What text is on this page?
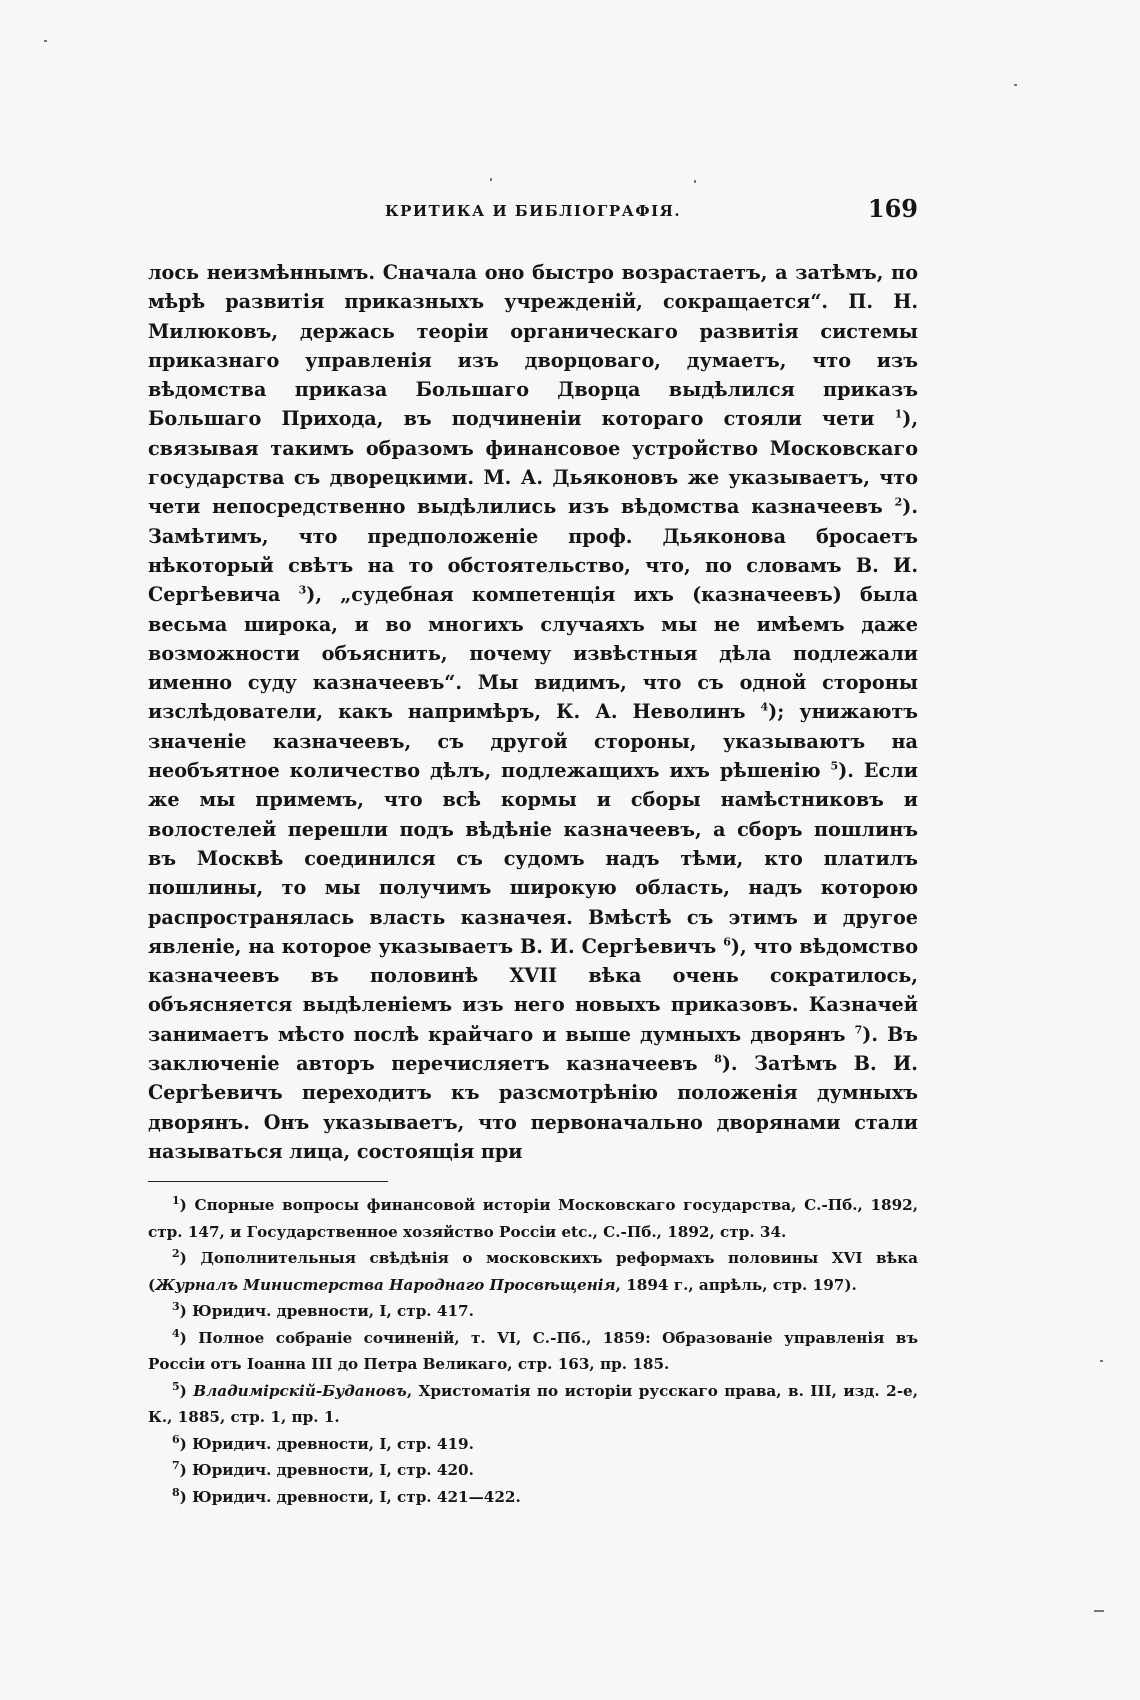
КРИТИКА И БИБЛIОГРАФIЯ.	169

лось неизмѣннымъ. Сначала оно быстро возрастаетъ, а затѣмъ, по мѣрѣ развитія приказныхъ учрежденій, сокращается“. П. Н. Милюковъ, держась теоріи органическаго развитія системы приказнаго управленія изъ дворцоваго, думаетъ, что изъ вѣдомства приказа Большаго Дворца выдѣлился приказъ Большаго Прихода, въ подчиненіи котораго стояли чети $^1$), связывая такимъ образомъ финансовое устройство Московскаго государства съ дворецкими. М. А. Дьяконовъ же указываетъ, что чети непосредственно выдѣлились изъ вѣдомства казначеевъ $^2$). Замѣтимъ, что предположеніе проф. Дьяконова бросаетъ нѣкоторый свѣтъ на то обстоятельство, что, по словамъ В. И. Сергѣевича $^3$), „судебная компетенція ихъ (казначеевъ) была весьма широка, и во многихъ случаяхъ мы не имѣемъ даже возможности объяснить, почему извѣстныя дѣла подлежали именно суду казначеевъ“. Мы видимъ, что съ одной стороны изслѣдователи, какъ напримѣръ, К. А. Неволинъ $^4$); унижаютъ значеніе казначеевъ, съ другой стороны, указываютъ на необъятное количество дѣлъ, подлежащихъ ихъ рѣшенію $^5$). Если же мы примемъ, что всѣ кормы и сборы намѣстниковъ и волостелей перешли подъ вѣдѣніе казначеевъ, а сборъ пошлинъ въ Москвѣ соединился съ судомъ надъ тѣми, кто платилъ пошлины, то мы получимъ широкую область, надъ которою распространялась власть казначея. Вмѣстѣ съ этимъ и другое явленіе, на которое указываетъ В. И. Сергѣевичъ $^6$), что вѣдомство казначеевъ въ половинѣ XVII вѣка очень сократилось, объясняется выдѣленіемъ изъ него новыхъ приказовъ. Казначей занимаетъ мѣсто послѣ крайчаго и выше думныхъ дворянъ $^7$). Въ заключеніе авторъ перечисляетъ казначеевъ $^8$). Затѣмъ В. И. Сергѣевичъ переходитъ къ разсмотрѣнію положенія думныхъ дворянъ. Онъ указываетъ, что первоначально дворянами стали называться лица, состоящія при

$^1$) Спорные вопросы финансовой исторіи Московскаго государства, С.-Пб., 1892, стр. 147, и Государственное хозяйство Россіи etc., С.-Пб., 1892, стр. 34.

$^2$) Дополнительныя свѣдѣнія о московскихъ реформахъ половины XVI вѣка (Журналъ Министерства Народнаго Просвѣщенія, 1894 г., апрѣль, стр. 197).

$^3$) Юридич. древности, I, стр. 417.

$^4$) Полное собраніе сочиненій, т. VI, С.-Пб., 1859: Образованіе управленія въ Россіи отъ Іоанна III до Петра Великаго, стр. 163, пр. 185.

$^5$) Владимірскій-Будановъ, Христоматія по исторіи русскаго права, в. III, изд. 2-е, К., 1885, стр. 1, пр. 1.

$^6$) Юридич. древности, I, стр. 419.

$^7$) Юридич. древности, I, стр. 420.

$^8$) Юридич. древности, I, стр. 421—422.
